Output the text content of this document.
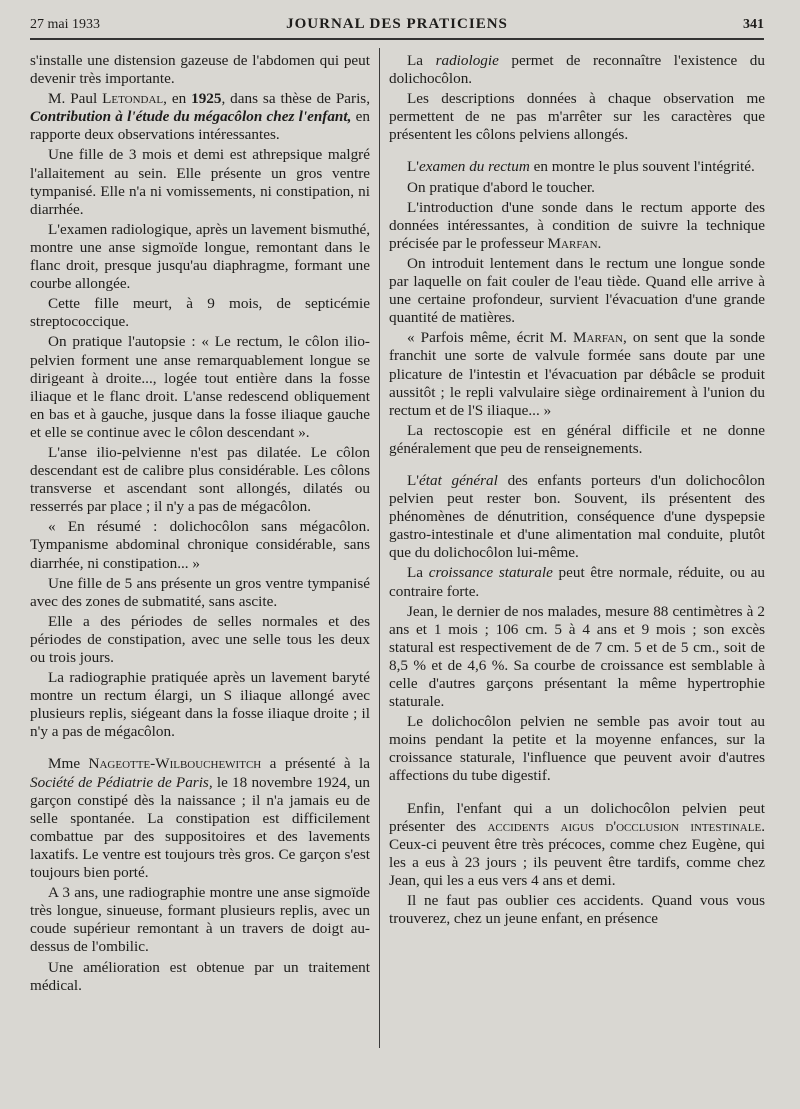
27 mai 1933	JOURNAL DES PRATICIENS	341

s'installe une distension gazeuse de l'abdomen qui peut devenir très importante.

M. Paul Letondal, en 1925, dans sa thèse de Paris, Contribution à l'étude du mégacôlon chez l'enfant, en rapporte deux observations intéressantes.

Une fille de 3 mois et demi est athrepsique malgré l'allaitement au sein. Elle présente un gros ventre tympanisé. Elle n'a ni vomissements, ni constipation, ni diarrhée.

L'examen radiologique, après un lavement bismuthé, montre une anse sigmoïde longue, remontant dans le flanc droit, presque jusqu'au diaphragme, formant une courbe allongée.

Cette fille meurt, à 9 mois, de septicémie streptococcique.

On pratique l'autopsie : « Le rectum, le côlon ilio-pelvien forment une anse remarquablement longue se dirigeant à droite..., logée tout entière dans la fosse iliaque et le flanc droit. L'anse redescend obliquement en bas et à gauche, jusque dans la fosse iliaque gauche et elle se continue avec le côlon descendant ».

L'anse ilio-pelvienne n'est pas dilatée. Le côlon descendant est de calibre plus considérable. Les côlons transverse et ascendant sont allongés, dilatés ou resserrés par place ; il n'y a pas de mégacôlon.

« En résumé : dolichocôlon sans mégacôlon. Tympanisme abdominal chronique considérable, sans diarrhée, ni constipation... »

Une fille de 5 ans présente un gros ventre tympanisé avec des zones de submatité, sans ascite.

Elle a des périodes de selles normales et des périodes de constipation, avec une selle tous les deux ou trois jours.

La radiographie pratiquée après un lavement baryté montre un rectum élargi, un S iliaque allongé avec plusieurs replis, siégeant dans la fosse iliaque droite ; il n'y a pas de mégacôlon.

Mme Nageotte-Wilbouchewitch a présenté à la Société de Pédiatrie de Paris, le 18 novembre 1924, un garçon constipé dès la naissance ; il n'a jamais eu de selle spontanée. La constipation est difficilement combattue par des suppositoires et des lavements laxatifs. Le ventre est toujours très gros. Ce garçon s'est toujours bien porté.

A 3 ans, une radiographie montre une anse sigmoïde très longue, sinueuse, formant plusieurs replis, avec un coude supérieur remontant à un travers de doigt au-dessus de l'ombilic.

Une amélioration est obtenue par un traitement médical.

La radiologie permet de reconnaître l'existence du dolichocôlon.

Les descriptions données à chaque observation me permettent de ne pas m'arrêter sur les caractères que présentent les côlons pelviens allongés.

L'examen du rectum en montre le plus souvent l'intégrité.

On pratique d'abord le toucher.

L'introduction d'une sonde dans le rectum apporte des données intéressantes, à condition de suivre la technique précisée par le professeur Marfan.

On introduit lentement dans le rectum une longue sonde par laquelle on fait couler de l'eau tiède. Quand elle arrive à une certaine profondeur, survient l'évacuation d'une grande quantité de matières.

« Parfois même, écrit M. Marfan, on sent que la sonde franchit une sorte de valvule formée sans doute par une plicature de l'intestin et l'évacuation par débâcle se produit aussitôt ; le repli valvulaire siège ordinairement à l'union du rectum et de l'S iliaque... »

La rectoscopie est en général difficile et ne donne généralement que peu de renseignements.

L'état général des enfants porteurs d'un dolichocôlon pelvien peut rester bon. Souvent, ils présentent des phénomènes de dénutrition, conséquence d'une dyspepsie gastro-intestinale et d'une alimentation mal conduite, plutôt que du dolichocôlon lui-même.

La croissance staturale peut être normale, réduite, ou au contraire forte.

Jean, le dernier de nos malades, mesure 88 centimètres à 2 ans et 1 mois ; 106 cm. 5 à 4 ans et 9 mois ; son excès statural est respectivement de de 7 cm. 5 et de 5 cm., soit de 8,5 % et de 4,6 %. Sa courbe de croissance est semblable à celle d'autres garçons présentant la même hypertrophie staturale.

Le dolichocôlon pelvien ne semble pas avoir tout au moins pendant la petite et la moyenne enfances, sur la croissance staturale, l'influence que peuvent avoir d'autres affections du tube digestif.

Enfin, l'enfant qui a un dolichocôlon pelvien peut présenter des accidents aigus d'occlusion intestinale. Ceux-ci peuvent être très précoces, comme chez Eugène, qui les a eus à 23 jours ; ils peuvent être tardifs, comme chez Jean, qui les a eus vers 4 ans et demi.

Il ne faut pas oublier ces accidents. Quand vous vous trouverez, chez un jeune enfant, en présence
